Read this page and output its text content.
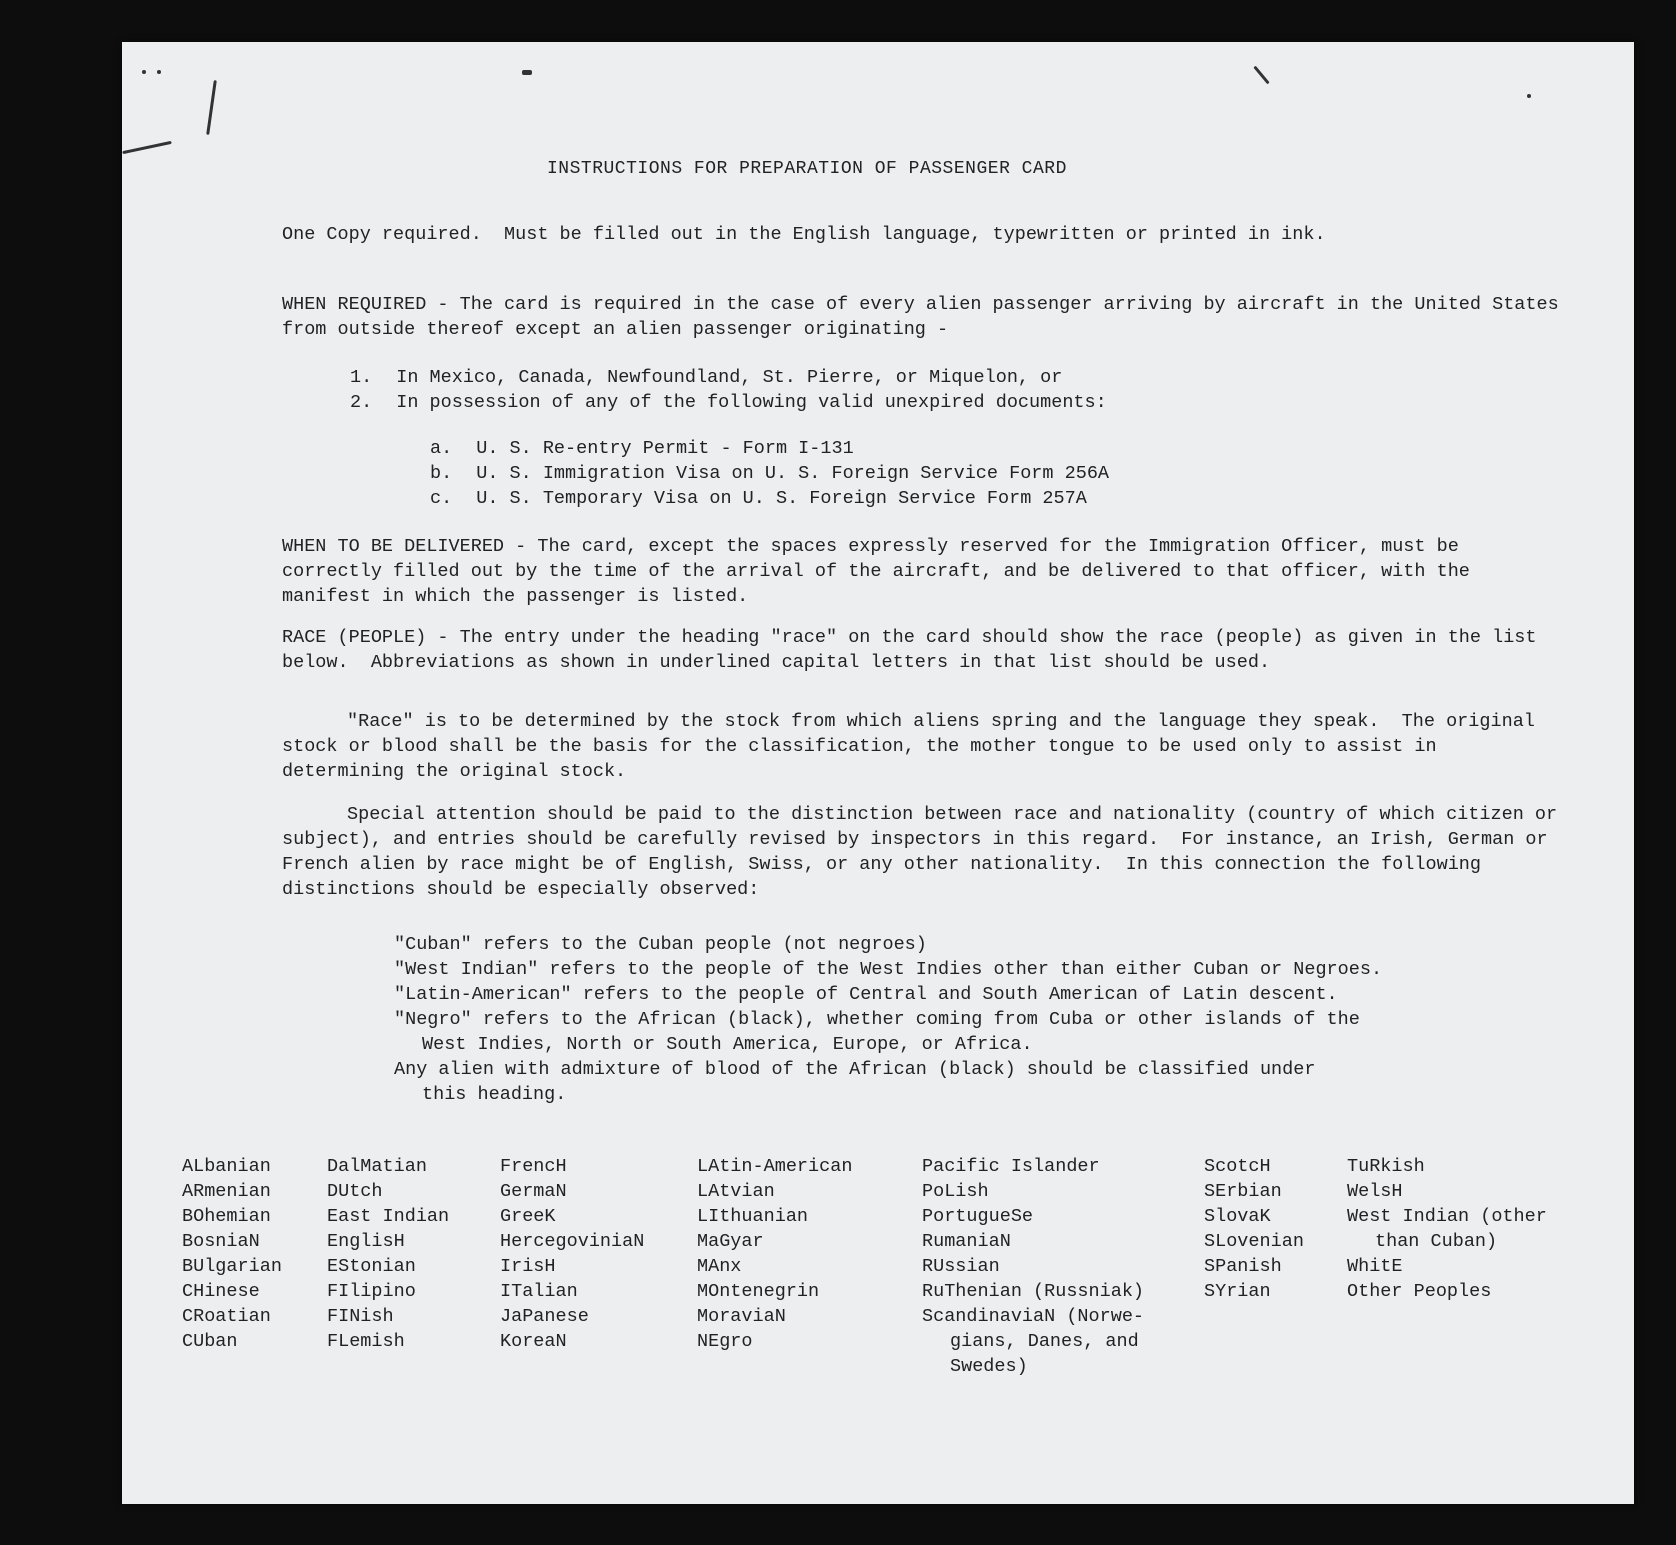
INSTRUCTIONS FOR PREPARATION OF PASSENGER CARD
One Copy required.  Must be filled out in the English language, typewritten or printed in ink.
WHEN REQUIRED - The card is required in the case of every alien passenger arriving by aircraft in the United States from outside thereof except an alien passenger originating -
1. In Mexico, Canada, Newfoundland, St. Pierre, or Miquelon, or
2. In possession of any of the following valid unexpired documents:
a. U. S. Re-entry Permit - Form I-131
b. U. S. Immigration Visa on U. S. Foreign Service Form 256A
c. U. S. Temporary Visa on U. S. Foreign Service Form 257A
WHEN TO BE DELIVERED - The card, except the spaces expressly reserved for the Immigration Officer, must be correctly filled out by the time of the arrival of the aircraft, and be delivered to that officer, with the manifest in which the passenger is listed.
RACE (PEOPLE) - The entry under the heading "race" on the card should show the race (people) as given in the list below.  Abbreviations as shown in underlined capital letters in that list should be used.
"Race" is to be determined by the stock from which aliens spring and the language they speak.  The original stock or blood shall be the basis for the classification, the mother tongue to be used only to assist in determining the original stock.
Special attention should be paid to the distinction between race and nationality (country of which citizen or subject), and entries should be carefully revised by inspectors in this regard.  For instance, an Irish, German or French alien by race might be of English, Swiss, or any other nationality.  In this connection the following distinctions should be especially observed:
"Cuban" refers to the Cuban people (not negroes)
"West Indian" refers to the people of the West Indies other than either Cuban or Negroes.
"Latin-American" refers to the people of Central and South American of Latin descent.
"Negro" refers to the African (black), whether coming from Cuba or other islands of the
West Indies, North or South America, Europe, or Africa.
Any alien with admixture of blood of the African (black) should be classified under
this heading.
ALbanian
ARmenian
BOhemian
BosniaN
BUlgarian
CHinese
CRoatian
CUban
DalMatian
DUtch
East Indian
EnglisH
EStonian
FIlipino
FINish
FLemish
FrencH
GermaN
GreeK
HercegoviniaN
IrisH
ITalian
JaPanese
KoreaN
LAtin-American
LAtvian
LIthuanian
MaGyar
MAnx
MOntenegrin
MoraviaN
NEgro
Pacific Islander
PoLish
PortugueSe
RumaniaN
RUssian
RuThenian (Russniak)
ScandinaviaN (Norwe-
gians, Danes, and
Swedes)
ScotcH
SErbian
SlovaK
SLovenian
SPanish
SYrian
TuRkish
WelsH
West Indian (other
than Cuban)
WhitE
Other Peoples
